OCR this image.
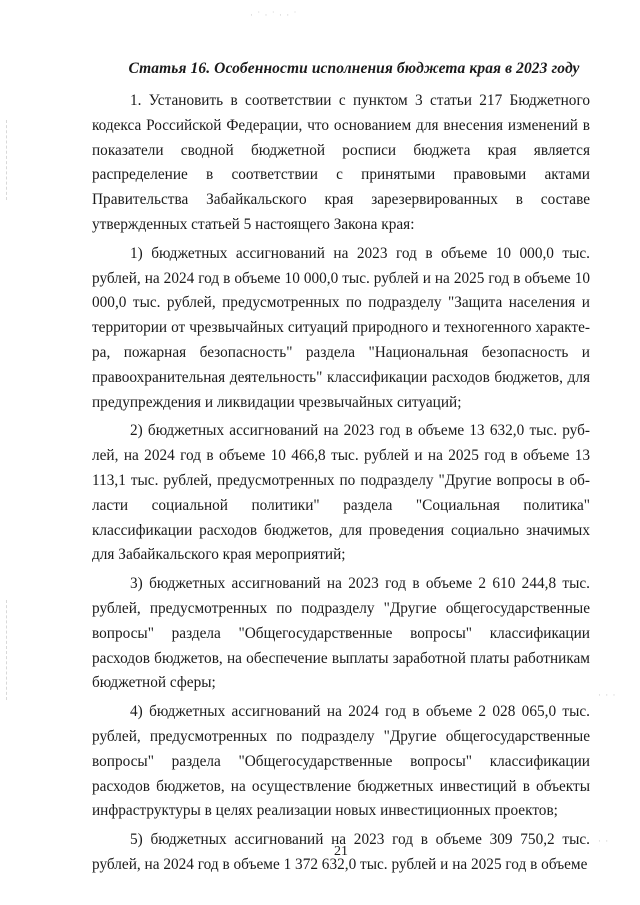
· ˙ · ˙ · · ˙
· · ·
· ·
Статья 16. Особенности исполнения бюджета края в 2023 году

1. Установить в соответствии с пунктом 3 статьи 217 Бюджетного кодекса Российской Федерации, что основанием для внесения изменений в показатели сводной бюджетной росписи бюджета края является распределение в соответствии с принятыми правовыми актами Правительства Забайкальского края зарезервированных в составе утвержденных статьей 5 настоящего Закона края:

1) бюджетных ассигнований на 2023 год в объеме 10 000,0 тыс. рублей, на 2024 год в объеме 10 000,0 тыс. рублей и на 2025 год в объеме 10 000,0 тыс. рублей, предусмотренных по подразделу "Защита населения и территории от чрезвычайных ситуаций природного и техногенного характера, пожарная безопасность" раздела "Национальная безопасность и правоохранительная деятельность" классификации расходов бюджетов, для предупреждения и ликвидации чрезвычайных ситуаций;

2) бюджетных ассигнований на 2023 год в объеме 13 632,0 тыс. рублей, на 2024 год в объеме 10 466,8 тыс. рублей и на 2025 год в объеме 13 113,1 тыс. рублей, предусмотренных по подразделу "Другие вопросы в области социальной политики" раздела "Социальная политика" классификации расходов бюджетов, для проведения социально значимых для Забайкальского края мероприятий;

3) бюджетных ассигнований на 2023 год в объеме 2 610 244,8 тыс. рублей, предусмотренных по подразделу "Другие общегосударственные вопросы" раздела "Общегосударственные вопросы" классификации расходов бюджетов, на обеспечение выплаты заработной платы работникам бюджетной сферы;

4) бюджетных ассигнований на 2024 год в объеме 2 028 065,0 тыс. рублей, предусмотренных по подразделу "Другие общегосударственные вопросы" раздела "Общегосударственные вопросы" классификации расходов бюджетов, на осуществление бюджетных инвестиций в объекты инфраструктуры в целях реализации новых инвестиционных проектов;

5) бюджетных ассигнований на 2023 год в объеме 309 750,2 тыс. рублей, на 2024 год в объеме 1 372 632,0 тыс. рублей и на 2025 год в объеме

21
